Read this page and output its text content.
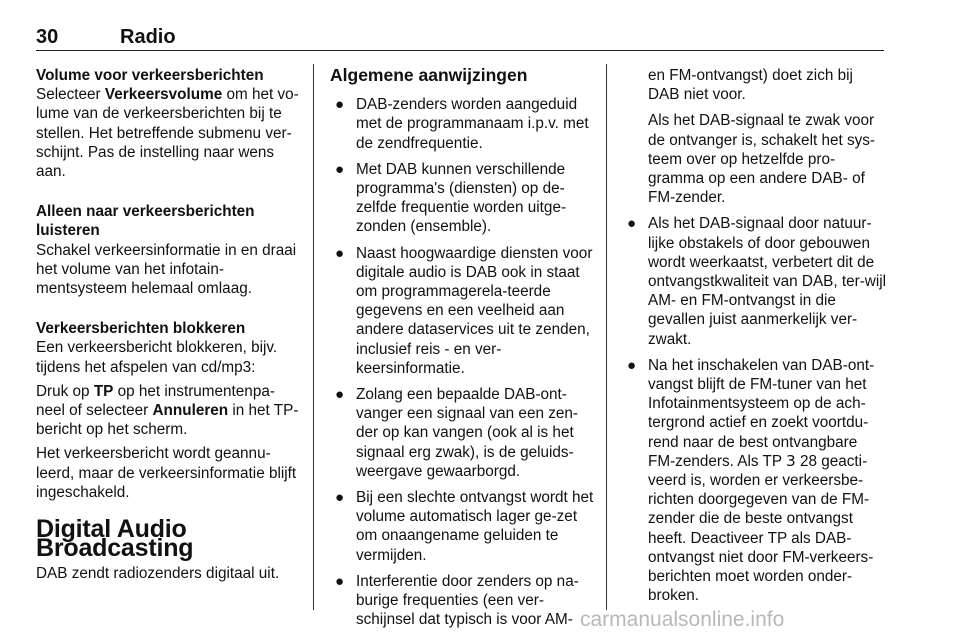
30	Radio
Volume voor verkeersberichten
Selecteer Verkeersvolume om het vo-lume van de verkeersberichten bij te stellen. Het betreffende submenu ver-schijnt. Pas de instelling naar wens aan.
Alleen naar verkeersberichten luisteren
Schakel verkeersinformatie in en draai het volume van het infotain-mentsysteem helemaal omlaag.
Verkeersberichten blokkeren
Een verkeersbericht blokkeren, bijv. tijdens het afspelen van cd/mp3:
Druk op TP op het instrumentenpa-neel of selecteer Annuleren in het TP-bericht op het scherm.
Het verkeersbericht wordt geannu-leerd, maar de verkeersinformatie blijft ingeschakeld.
Digital Audio Broadcasting
DAB zendt radiozenders digitaal uit.
Algemene aanwijzingen
● DAB-zenders worden aangeduid met de programmanaam i.p.v. met de zendfrequentie.
● Met DAB kunnen verschillende programma's (diensten) op de-zelfde frequentie worden uitge-zonden (ensemble).
● Naast hoogwaardige diensten voor digitale audio is DAB ook in staat om programmagerela-teerde gegevens en een veelheid aan andere dataservices uit te zenden, inclusief reis - en ver-keersinformatie.
● Zolang een bepaalde DAB-ont-vanger een signaal van een zen-der op kan vangen (ook al is het signaal erg zwak), is de geluids-weergave gewaarborgd.
● Bij een slechte ontvangst wordt het volume automatisch lager ge-zet om onaangename geluiden te vermijden.
● Interferentie door zenders op na-burige frequenties (een ver-schijnsel dat typisch is voor AM-
en FM-ontvangst) doet zich bij DAB niet voor.
Als het DAB-signaal te zwak voor de ontvanger is, schakelt het sys-teem over op hetzelfde pro-gramma op een andere DAB- of FM-zender.
● Als het DAB-signaal door natuur-lijke obstakels of door gebouwen wordt weerkaatst, verbetert dit de ontvangstkwaliteit van DAB, ter-wijl AM- en FM-ontvangst in die gevallen juist aanmerkelijk ver-zwakt.
● Na het inschakelen van DAB-ont-vangst blijft de FM-tuner van het Infotainmentsysteem op de ach-tergrond actief en zoekt voortdu-rend naar de best ontvangbare FM-zenders. Als TP 3 28 geacti-veerd is, worden er verkeersbe-richten doorgegeven van de FM-zender die de beste ontvangst heeft. Deactiveer TP als DAB-ontvangst niet door FM-verkeers-berichten moet worden onder-broken.
carmanualsonline.info
